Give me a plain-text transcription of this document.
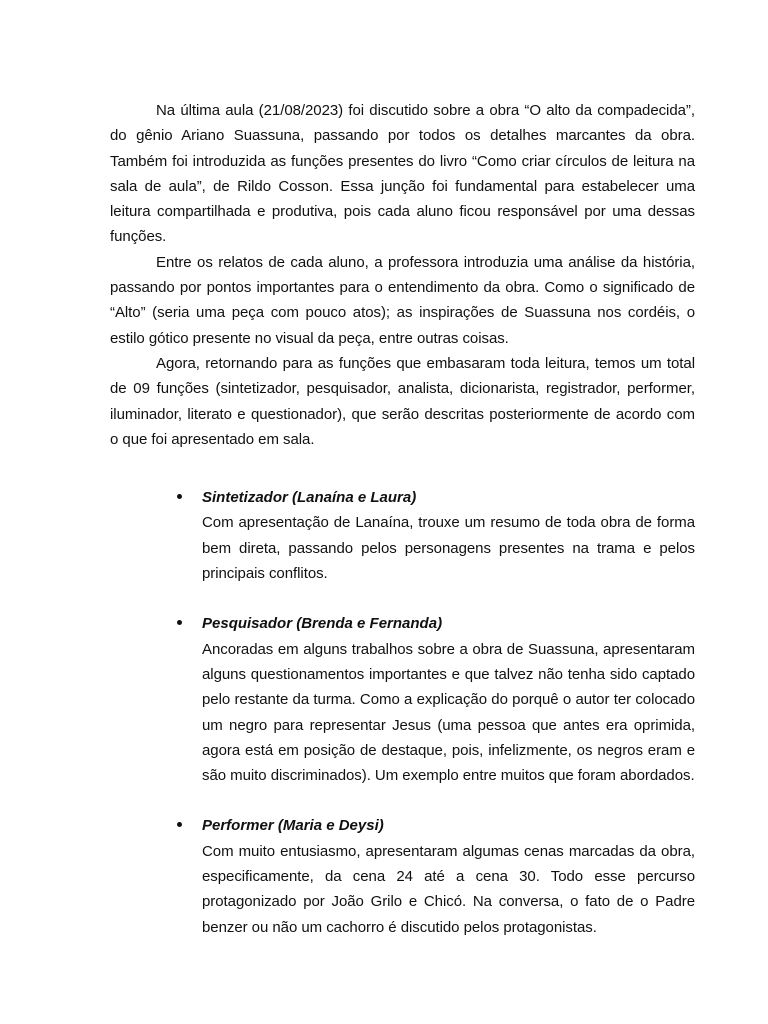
Na última aula (21/08/2023) foi discutido sobre a obra “O alto da compadecida”, do gênio Ariano Suassuna, passando por todos os detalhes marcantes da obra. Também foi introduzida as funções presentes do livro “Como criar círculos de leitura na sala de aula”, de Rildo Cosson. Essa junção foi fundamental para estabelecer uma leitura compartilhada e produtiva, pois cada aluno ficou responsável por uma dessas funções.

Entre os relatos de cada aluno, a professora introduzia uma análise da história, passando por pontos importantes para o entendimento da obra. Como o significado de “Alto” (seria uma peça com pouco atos); as inspirações de Suassuna nos cordéis, o estilo gótico presente no visual da peça, entre outras coisas.

Agora, retornando para as funções que embasaram toda leitura, temos um total de 09 funções (sintetizador, pesquisador, analista, dicionarista, registrador, performer, iluminador, literato e questionador), que serão descritas posteriormente de acordo com o que foi apresentado em sala.

Sintetizador (Lanaína e Laura)

Com apresentação de Lanaína, trouxe um resumo de toda obra de forma bem direta, passando pelos personagens presentes na trama e pelos principais conflitos.

Pesquisador (Brenda e Fernanda)

Ancoradas em alguns trabalhos sobre a obra de Suassuna, apresentaram alguns questionamentos importantes e que talvez não tenha sido captado pelo restante da turma. Como a explicação do porquê o autor ter colocado um negro para representar Jesus (uma pessoa que antes era oprimida, agora está em posição de destaque, pois, infelizmente, os negros eram e são muito discriminados). Um exemplo entre muitos que foram abordados.

Performer (Maria e Deysi)

Com muito entusiasmo, apresentaram algumas cenas marcadas da obra, especificamente, da cena 24 até a cena 30. Todo esse percurso protagonizado por João Grilo e Chicó. Na conversa, o fato de o Padre benzer ou não um cachorro é discutido pelos protagonistas.
